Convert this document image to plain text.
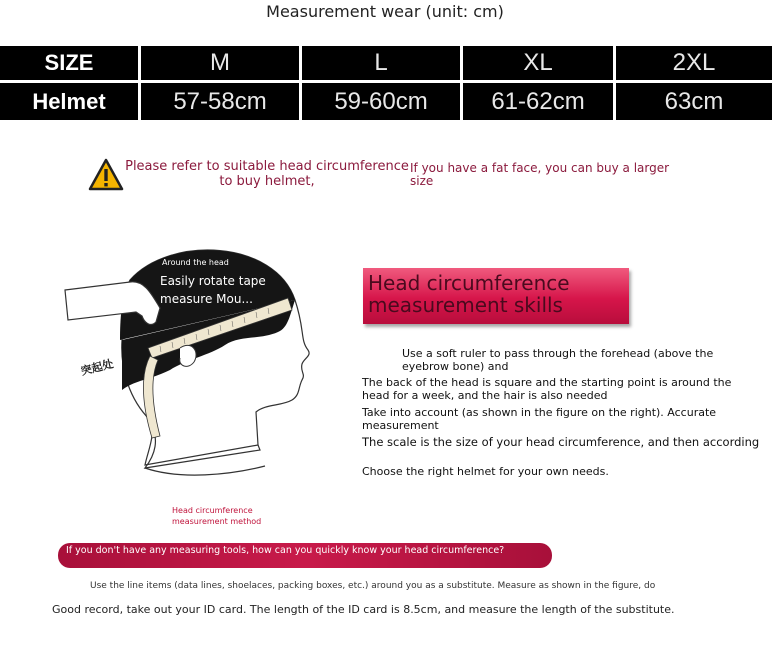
Measurement wear (unit: cm)
SIZE	M	L	XL	2XL
Helmet	57-58cm	59-60cm	61-62cm	63cm
Please refer to suitable head circumference to buy helmet,
If you have a fat face, you can buy a larger size
Around the head
Easily rotate tape measure Mou...
突起处
Head circumference measurement method
Head circumference measurement skills
Use a soft ruler to pass through the forehead (above the eyebrow bone) and
The back of the head is square and the starting point is around the head for a week, and the hair is also needed
Take into account (as shown in the figure on the right). Accurate measurement
The scale is the size of your head circumference, and then according
Choose the right helmet for your own needs.
If you don't have any measuring tools, how can you quickly know your head circumference?
Use the line items (data lines, shoelaces, packing boxes, etc.) around you as a substitute. Measure as shown in the figure, do
Good record, take out your ID card. The length of the ID card is 8.5cm, and measure the length of the substitute.
